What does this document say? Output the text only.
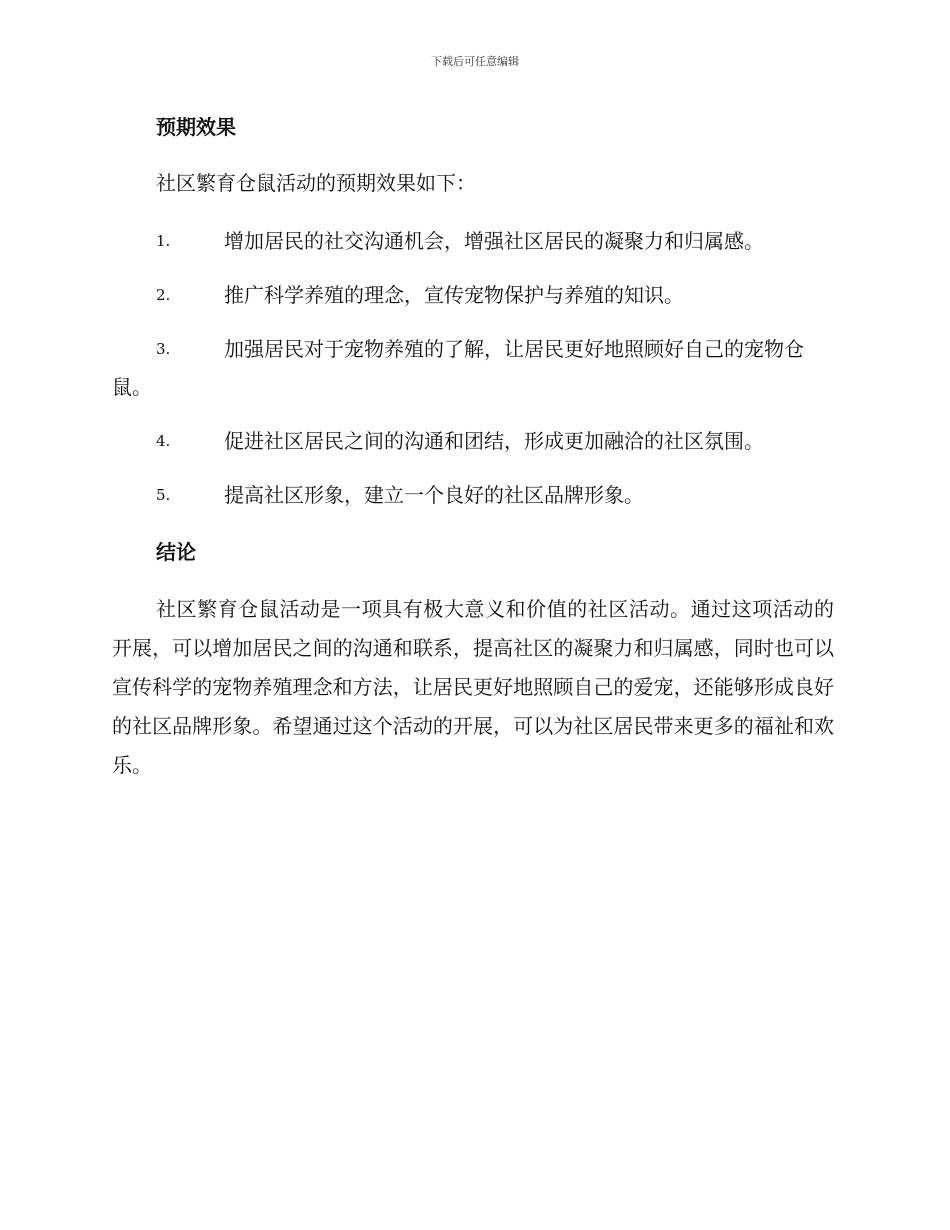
下载后可任意编辑
预期效果
社区繁育仓鼠活动的预期效果如下：
1.	增加居民的社交沟通机会，增强社区居民的凝聚力和归属感。
2.	推广科学养殖的理念，宣传宠物保护与养殖的知识。
3.	加强居民对于宠物养殖的了解，让居民更好地照顾好自己的宠物仓鼠。
4.	促进社区居民之间的沟通和团结，形成更加融洽的社区氛围。
5.	提高社区形象，建立一个良好的社区品牌形象。
结论

社区繁育仓鼠活动是一项具有极大意义和价值的社区活动。通过这项活动的开展，可以增加居民之间的沟通和联系，提高社区的凝聚力和归属感，同时也可以宣传科学的宠物养殖理念和方法，让居民更好地照顾自己的爱宠，还能够形成良好的社区品牌形象。希望通过这个活动的开展，可以为社区居民带来更多的福祉和欢乐。
